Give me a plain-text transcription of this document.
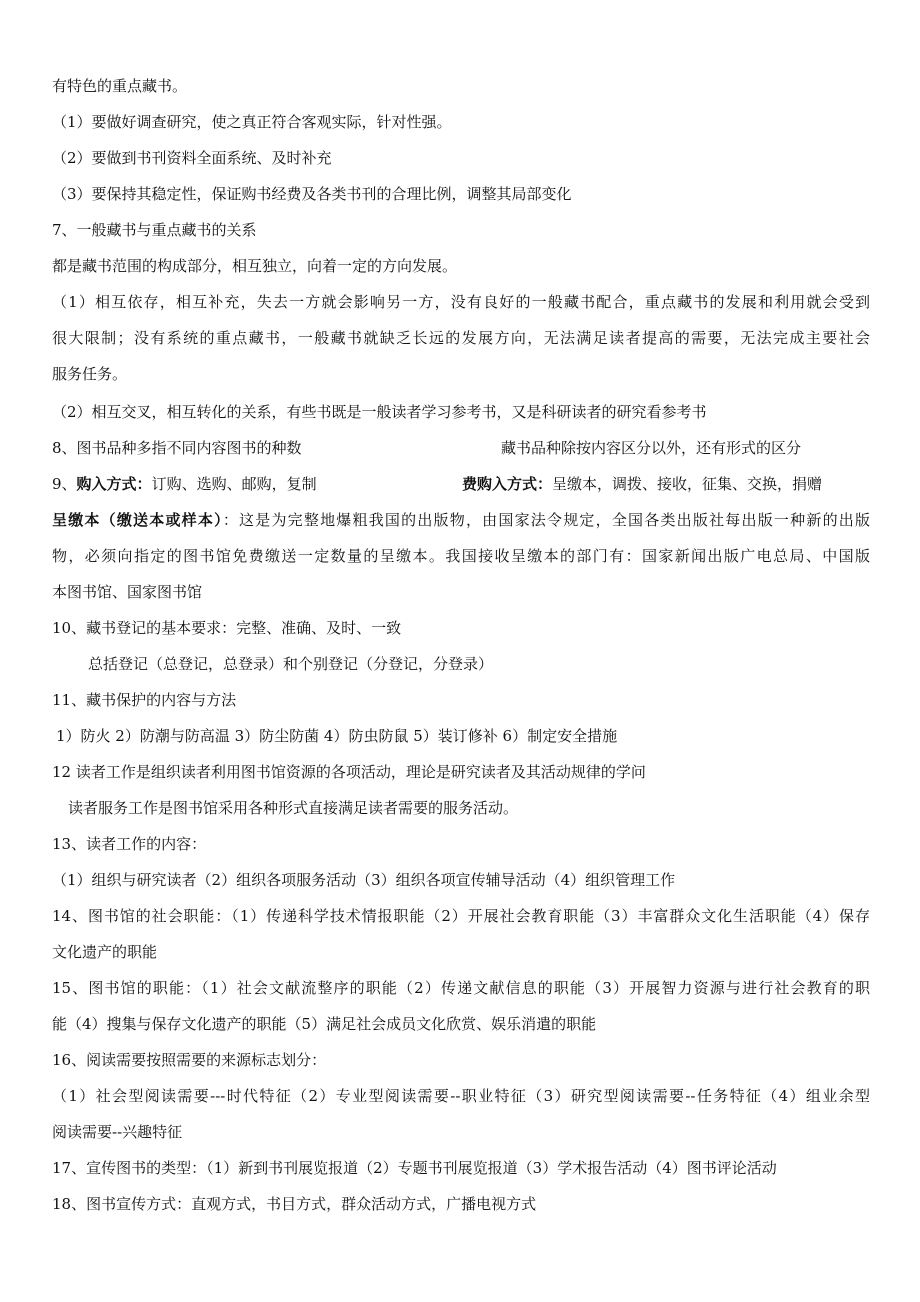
有特色的重点藏书。
（1）要做好调查研究，使之真正符合客观实际，针对性强。
（2）要做到书刊资料全面系统、及时补充
（3）要保持其稳定性，保证购书经费及各类书刊的合理比例，调整其局部变化
7、一般藏书与重点藏书的关系
都是藏书范围的构成部分，相互独立，向着一定的方向发展。
（1）相互依存，相互补充，失去一方就会影响另一方，没有良好的一般藏书配合，重点藏书的发展和利用就会受到
很大限制；没有系统的重点藏书，一般藏书就缺乏长远的发展方向，无法满足读者提高的需要，无法完成主要社会
服务任务。
（2）相互交叉，相互转化的关系，有些书既是一般读者学习参考书，又是科研读者的研究看参考书
8、图书品种多指不同内容图书的种数	藏书品种除按内容区分以外，还有形式的区分
9、购入方式：订购、选购、邮购，复制	费购入方式：呈缴本，调拨、接收，征集、交换，捐赠
呈缴本（缴送本或样本）：这是为完整地爆粗我国的出版物，由国家法令规定，全国各类出版社每出版一种新的出版
物，必须向指定的图书馆免费缴送一定数量的呈缴本。我国接收呈缴本的部门有：国家新闻出版广电总局、中国版
本图书馆、国家图书馆
10、藏书登记的基本要求：完整、准确、及时、一致
总括登记（总登记，总登录）和个别登记（分登记，分登录）
11、藏书保护的内容与方法
1）防火 2）防潮与防高温 3）防尘防菌 4）防虫防鼠 5）装订修补 6）制定安全措施
12 读者工作是组织读者利用图书馆资源的各项活动，理论是研究读者及其活动规律的学问
读者服务工作是图书馆采用各种形式直接满足读者需要的服务活动。
13、读者工作的内容：
（1）组织与研究读者（2）组织各项服务活动（3）组织各项宣传辅导活动（4）组织管理工作
14、图书馆的社会职能：（1）传递科学技术情报职能（2）开展社会教育职能（3）丰富群众文化生活职能（4）保存
文化遗产的职能
15、图书馆的职能：（1）社会文献流整序的职能（2）传递文献信息的职能（3）开展智力资源与进行社会教育的职
能（4）搜集与保存文化遗产的职能（5）满足社会成员文化欣赏、娱乐消遣的职能
16、阅读需要按照需要的来源标志划分：
（1）社会型阅读需要---时代特征（2）专业型阅读需要--职业特征（3）研究型阅读需要--任务特征（4）组业余型
阅读需要--兴趣特征
17、宣传图书的类型：（1）新到书刊展览报道（2）专题书刊展览报道（3）学术报告活动（4）图书评论活动
18、图书宣传方式：直观方式，书目方式，群众活动方式，广播电视方式
